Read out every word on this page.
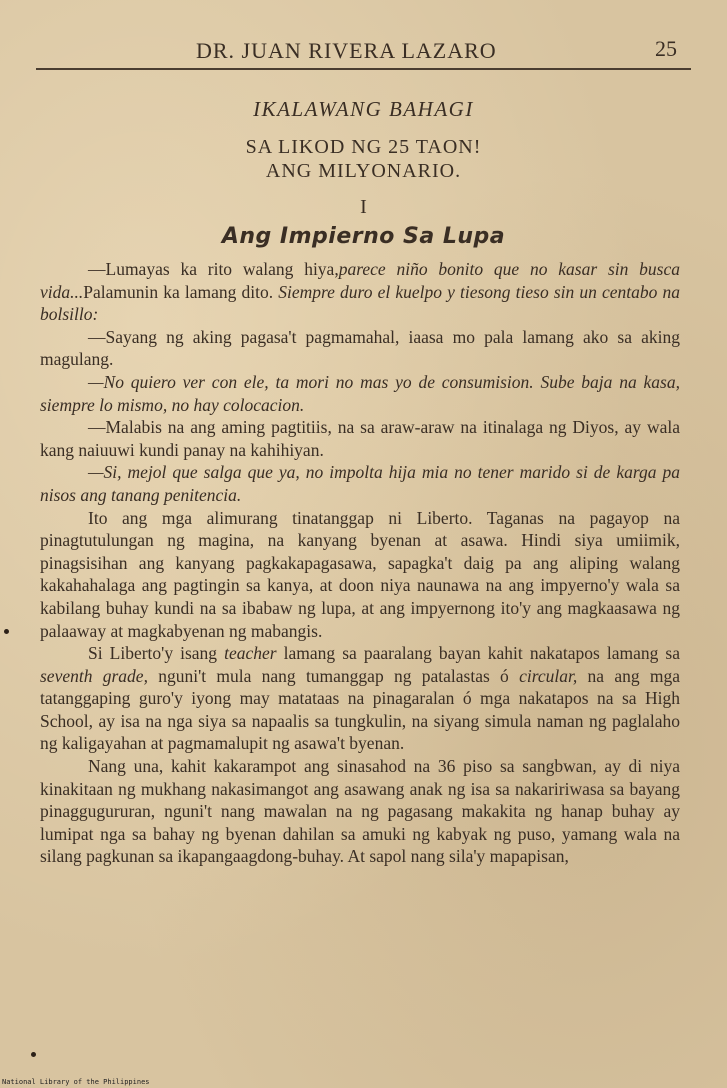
DR. JUAN RIVERA LAZARO	25
IKALAWANG BAHAGI
SA LIKOD NG 25 TAON!
ANG MILYONARIO.
I
Ang Impierno Sa Lupa

—Lumayas ka rito walang hiya,parece niño bonito que no kasar sin busca vida...Palamunin ka lamang dito. Siempre duro el kuelpo y tiesong tieso sin un centabo na bolsillo:

—Sayang ng aking pagasa't pagmamahal, iaasa mo pala lamang ako sa aking magulang.

—No quiero ver con ele, ta mori no mas yo de consumision. Sube baja na kasa, siempre lo mismo, no hay colocacion.

—Malabis na ang aming pagtitiis, na sa araw-araw na itinalaga ng Diyos, ay wala kang naiuuwi kundi panay na kahihiyan.

—Si, mejol que salga que ya, no impolta hija mia no tener marido si de karga pa nisos ang tanang penitencia.

Ito ang mga alimurang tinatanggap ni Liberto. Taganas na pagayop na pinagtutulungan ng magina, na kanyang byenan at asawa. Hindi siya umiimik, pinagsisihan ang kanyang pagkakapagasawa, sapagka't daig pa ang aliping walang kakahahalaga ang pagtingin sa kanya, at doon niya naunawa na ang impyerno'y wala sa kabilang buhay kundi na sa ibabaw ng lupa, at ang impyernong ito'y ang magkaasawa ng palaaway at magkabyenan ng mabangis.

Si Liberto'y isang teacher lamang sa paaralang bayan kahit nakatapos lamang sa seventh grade, nguni't mula nang tumanggap ng patalastas ó circular, na ang mga tatanggaping guro'y iyong may matataas na pinagaralan ó mga nakatapos na sa High School, ay isa na nga siya sa napaalis sa tungkulin, na siyang simula naman ng paglalaho ng kaligayahan at pagmamalupit ng asawa't byenan.

Nang una, kahit kakarampot ang sinasahod na 36 piso sa sangbwan, ay di niya kinakitaan ng mukhang nakasimangot ang asawang anak ng isa sa nakaririwasa sa bayang pinaggugururan, nguni't nang mawalan na ng pagasang makakita ng hanap buhay ay lumipat nga sa bahay ng byenan dahilan sa amuki ng kabyak ng puso, yamang wala na silang pagkunan sa ikapangaagdong-buhay. At sapol nang sila'y mapapisan,

National Library of the Philippines
